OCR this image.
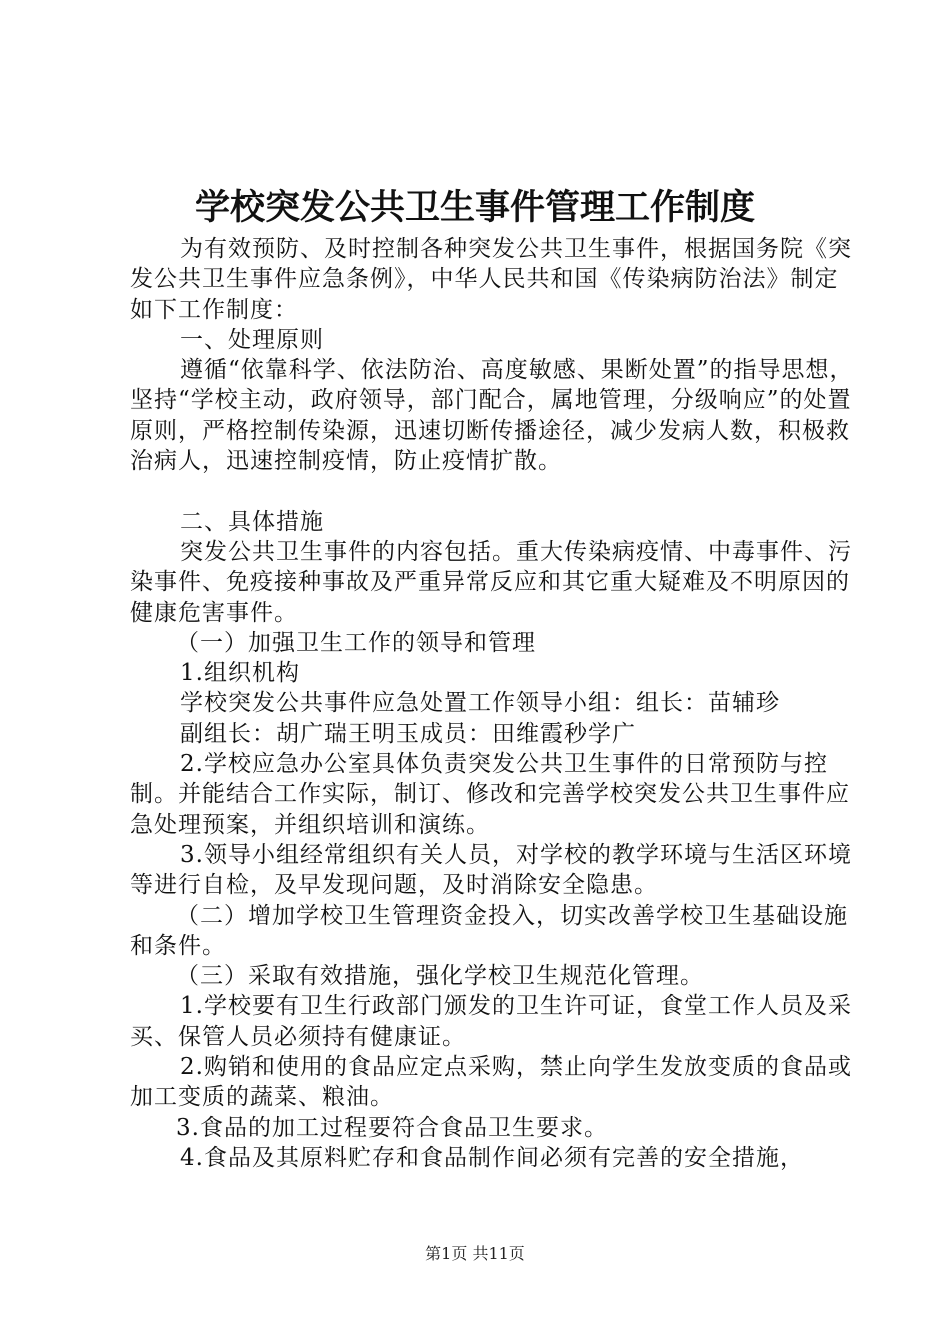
学校突发公共卫生事件管理工作制度

为有效预防、及时控制各种突发公共卫生事件，根据国务院《突发公共卫生事件应急条例》，中华人民共和国《传染病防治法》制定如下工作制度：

一、处理原则

遵循“依靠科学、依法防治、高度敏感、果断处置”的指导思想，坚持“学校主动，政府领导，部门配合，属地管理，分级响应”的处置原则，严格控制传染源，迅速切断传播途径，减少发病人数，积极救治病人，迅速控制疫情，防止疫情扩散。

二、具体措施

突发公共卫生事件的内容包括。重大传染病疫情、中毒事件、污染事件、免疫接种事故及严重异常反应和其它重大疑难及不明原因的健康危害事件。

（一）加强卫生工作的领导和管理

1.组织机构

学校突发公共事件应急处置工作领导小组：组长：苗辅珍

副组长：胡广瑞王明玉成员：田维霞秒学广

2.学校应急办公室具体负责突发公共卫生事件的日常预防与控制。并能结合工作实际，制订、修改和完善学校突发公共卫生事件应急处理预案，并组织培训和演练。

3.领导小组经常组织有关人员，对学校的教学环境与生活区环境等进行自检，及早发现问题，及时消除安全隐患。

（二）增加学校卫生管理资金投入，切实改善学校卫生基础设施和条件。

（三）采取有效措施，强化学校卫生规范化管理。

1.学校要有卫生行政部门颁发的卫生许可证，食堂工作人员及采买、保管人员必须持有健康证。

2.购销和使用的食品应定点采购，禁止向学生发放变质的食品或加工变质的蔬菜、粮油。

3.食品的加工过程要符合食品卫生要求。

4.食品及其原料贮存和食品制作间必须有完善的安全措施，

第1页 共11页
